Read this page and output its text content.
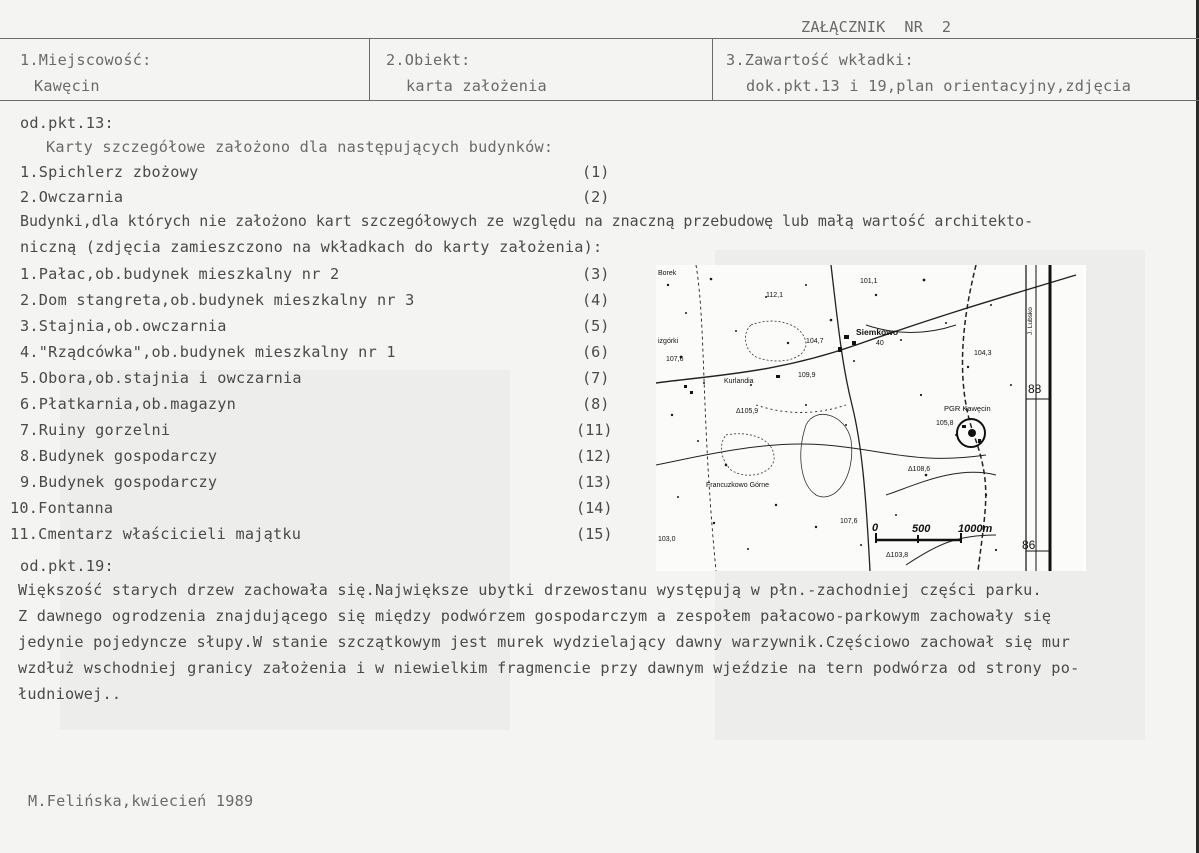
ZAŁĄCZNIK  NR  2
1.Miejscowość:
Kawęcin
2.Obiekt:
karta założenia
3.Zawartość wkładki:
dok.pkt.13 i 19,plan orientacyjny,zdjęcia
od.pkt.13:
Karty szczegółowe założono dla następujących budynków:
1.Spichlerz zbożowy	(1)
2.Owczarnia	(2)
Budynki,dla których nie założono kart szczegółowych ze względu na znaczną przebudowę lub małą wartość architekto-
niczną (zdjęcia zamieszczono na wkładkach do karty założenia):
1.Pałac,ob.budynek mieszkalny nr 2	(3)
2.Dom stangreta,ob.budynek mieszkalny nr 3	(4)
3.Stajnia,ob.owczarnia	(5)
4."Rządcówka",ob.budynek mieszkalny nr 1	(6)
5.Obora,ob.stajnia i owczarnia	(7)
6.Płatkarnia,ob.magazyn	(8)
7.Ruiny gorzelni	(11)
8.Budynek gospodarczy	(12)
9.Budynek gospodarczy	(13)
10.Fontanna	(14)
11.Cmentarz właścicieli majątku	(15)
Siemkowo
Kurlandia
PGR Kawęcin
Francuzkowo Górne
izgórki
Borek
88
86
0	500	1000m
107,6
109,9
Δ105,9
105,8
Δ108,6
104,3
107,6
Δ103,8
103,0
112,1
101,1
104,7	40
J. Lubsko
od.pkt.19:
Większość starych drzew zachowała się.Największe ubytki drzewostanu występują w płn.-zachodniej części parku.
Z dawnego ogrodzenia znajdującego się między podwórzem gospodarczym a zespołem pałacowo-parkowym zachowały się
jedynie pojedyncze słupy.W stanie szczątkowym jest murek wydzielający dawny warzywnik.Częściowo zachował się mur
wzdłuż wschodniej granicy założenia i w niewielkim fragmencie przy dawnym wjeździe na tern podwórza od strony po-
łudniowej..
M.Felińska,kwiecień 1989
